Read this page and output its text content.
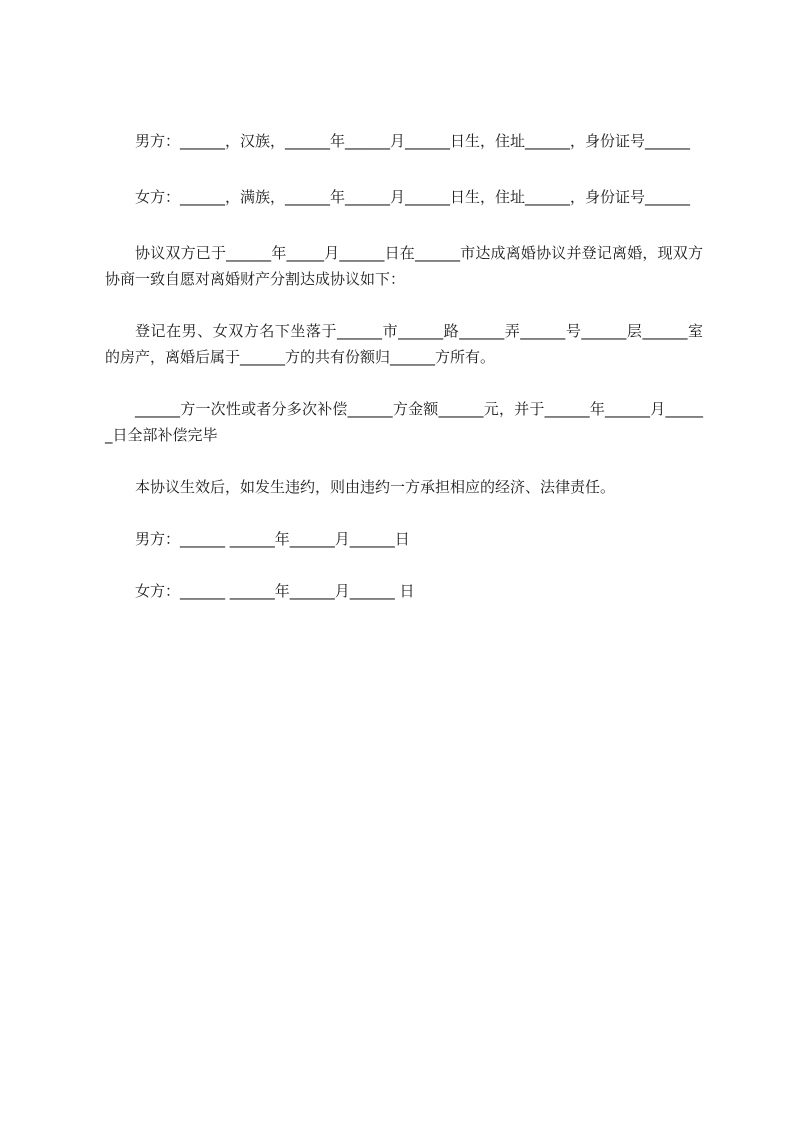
男方：______，汉族，______年______月______日生，住址______，身份证号______

女方：______，满族，______年______月______日生，住址______，身份证号______

协议双方已于______年_____月______日在______市达成离婚协议并登记离婚，现双方协商一致自愿对离婚财产分割达成协议如下：

登记在男、女双方名下坐落于______市______路______弄______号______层______室的房产，离婚后属于______方的共有份额归______方所有。

______方一次性或者分多次补偿______方金额______元，并于______年______月______日全部补偿完毕

本协议生效后，如发生违约，则由违约一方承担相应的经济、法律责任。

男方：______ ______年______月______日

女方：______ ______年______月______ 日
